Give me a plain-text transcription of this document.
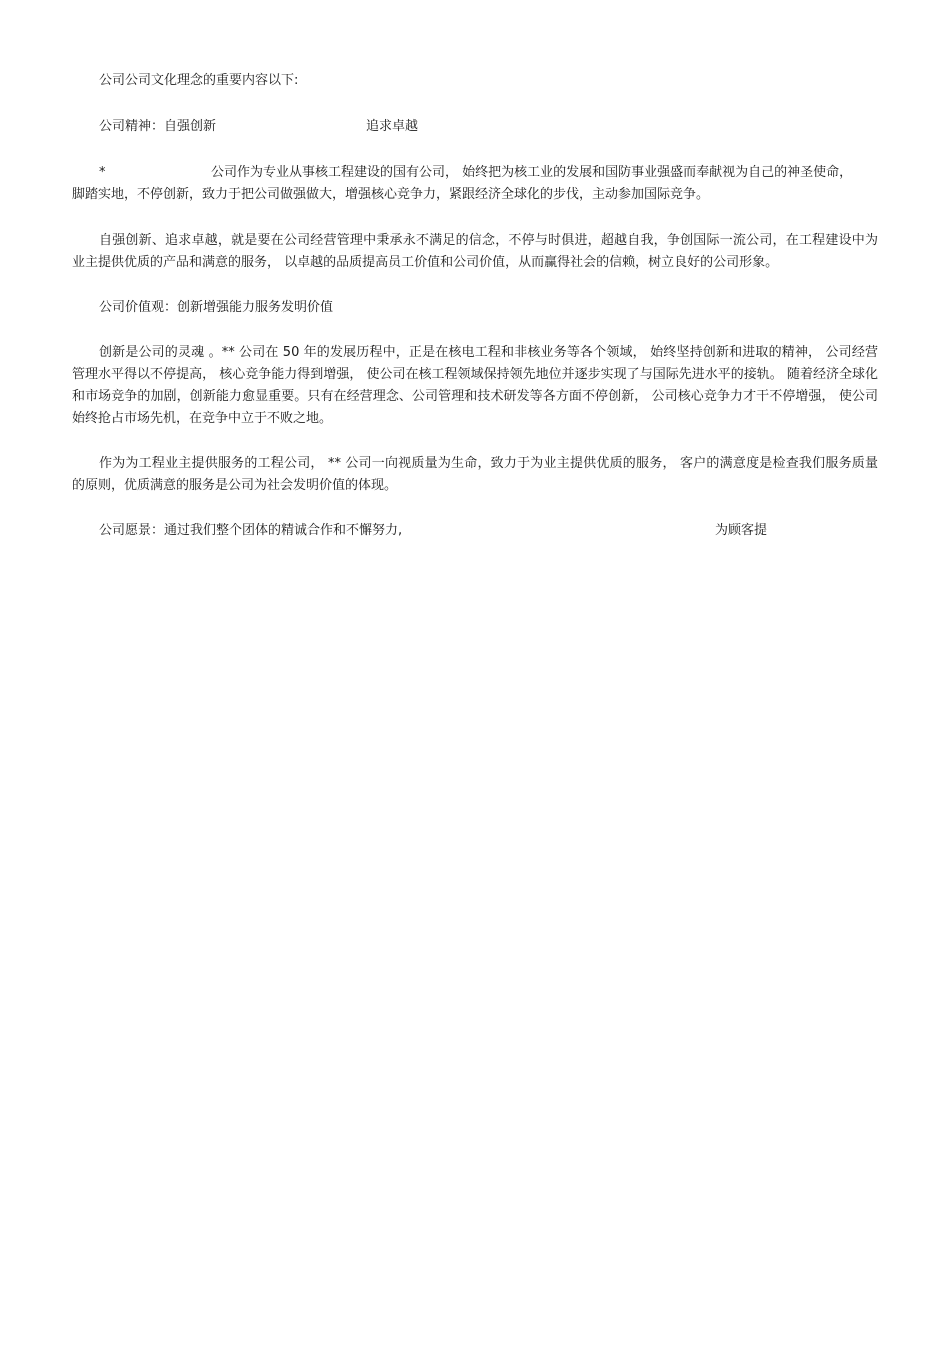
公司公司文化理念的重要内容以下:
公司精神：自强创新	追求卓越
*	公司作为专业从事核工程建设的国有公司， 始终把为核工业的发展和国防事业强盛而奉献视为自己的神圣使命，
脚踏实地，不停创新，致力于把公司做强做大，增强核心竞争力，紧跟经济全球化的步伐，主动参加国际竞争。
自强创新、追求卓越，就是要在公司经营管理中秉承永不满足的信念，不停与时俱进，超越自我，争创国际一流公司，在工程建设中为业主提供优质的产品和满意的服务， 以卓越的品质提高员工价值和公司价值，从而赢得社会的信赖，树立良好的公司形象。
公司价值观：创新增强能力服务发明价值
创新是公司的灵魂 。** 公司在 50 年的发展历程中，正是在核电工程和非核业务等各个领域， 始终坚持创新和进取的精神， 公司经营管理水平得以不停提高， 核心竞争能力得到增强， 使公司在核工程领域保持领先地位并逐步实现了与国际先进水平的接轨。 随着经济全球化和市场竞争的加剧，创新能力愈显重要。只有在经营理念、公司管理和技术研发等各方面不停创新， 公司核心竞争力才干不停增强， 使公司始终抢占市场先机，在竞争中立于不败之地。
作为为工程业主提供服务的工程公司， ** 公司一向视质量为生命，致力于为业主提供优质的服务， 客户的满意度是检查我们服务质量的原则，优质满意的服务是公司为社会发明价值的体现。
公司愿景：通过我们整个团体的精诚合作和不懈努力,	为顾客提
